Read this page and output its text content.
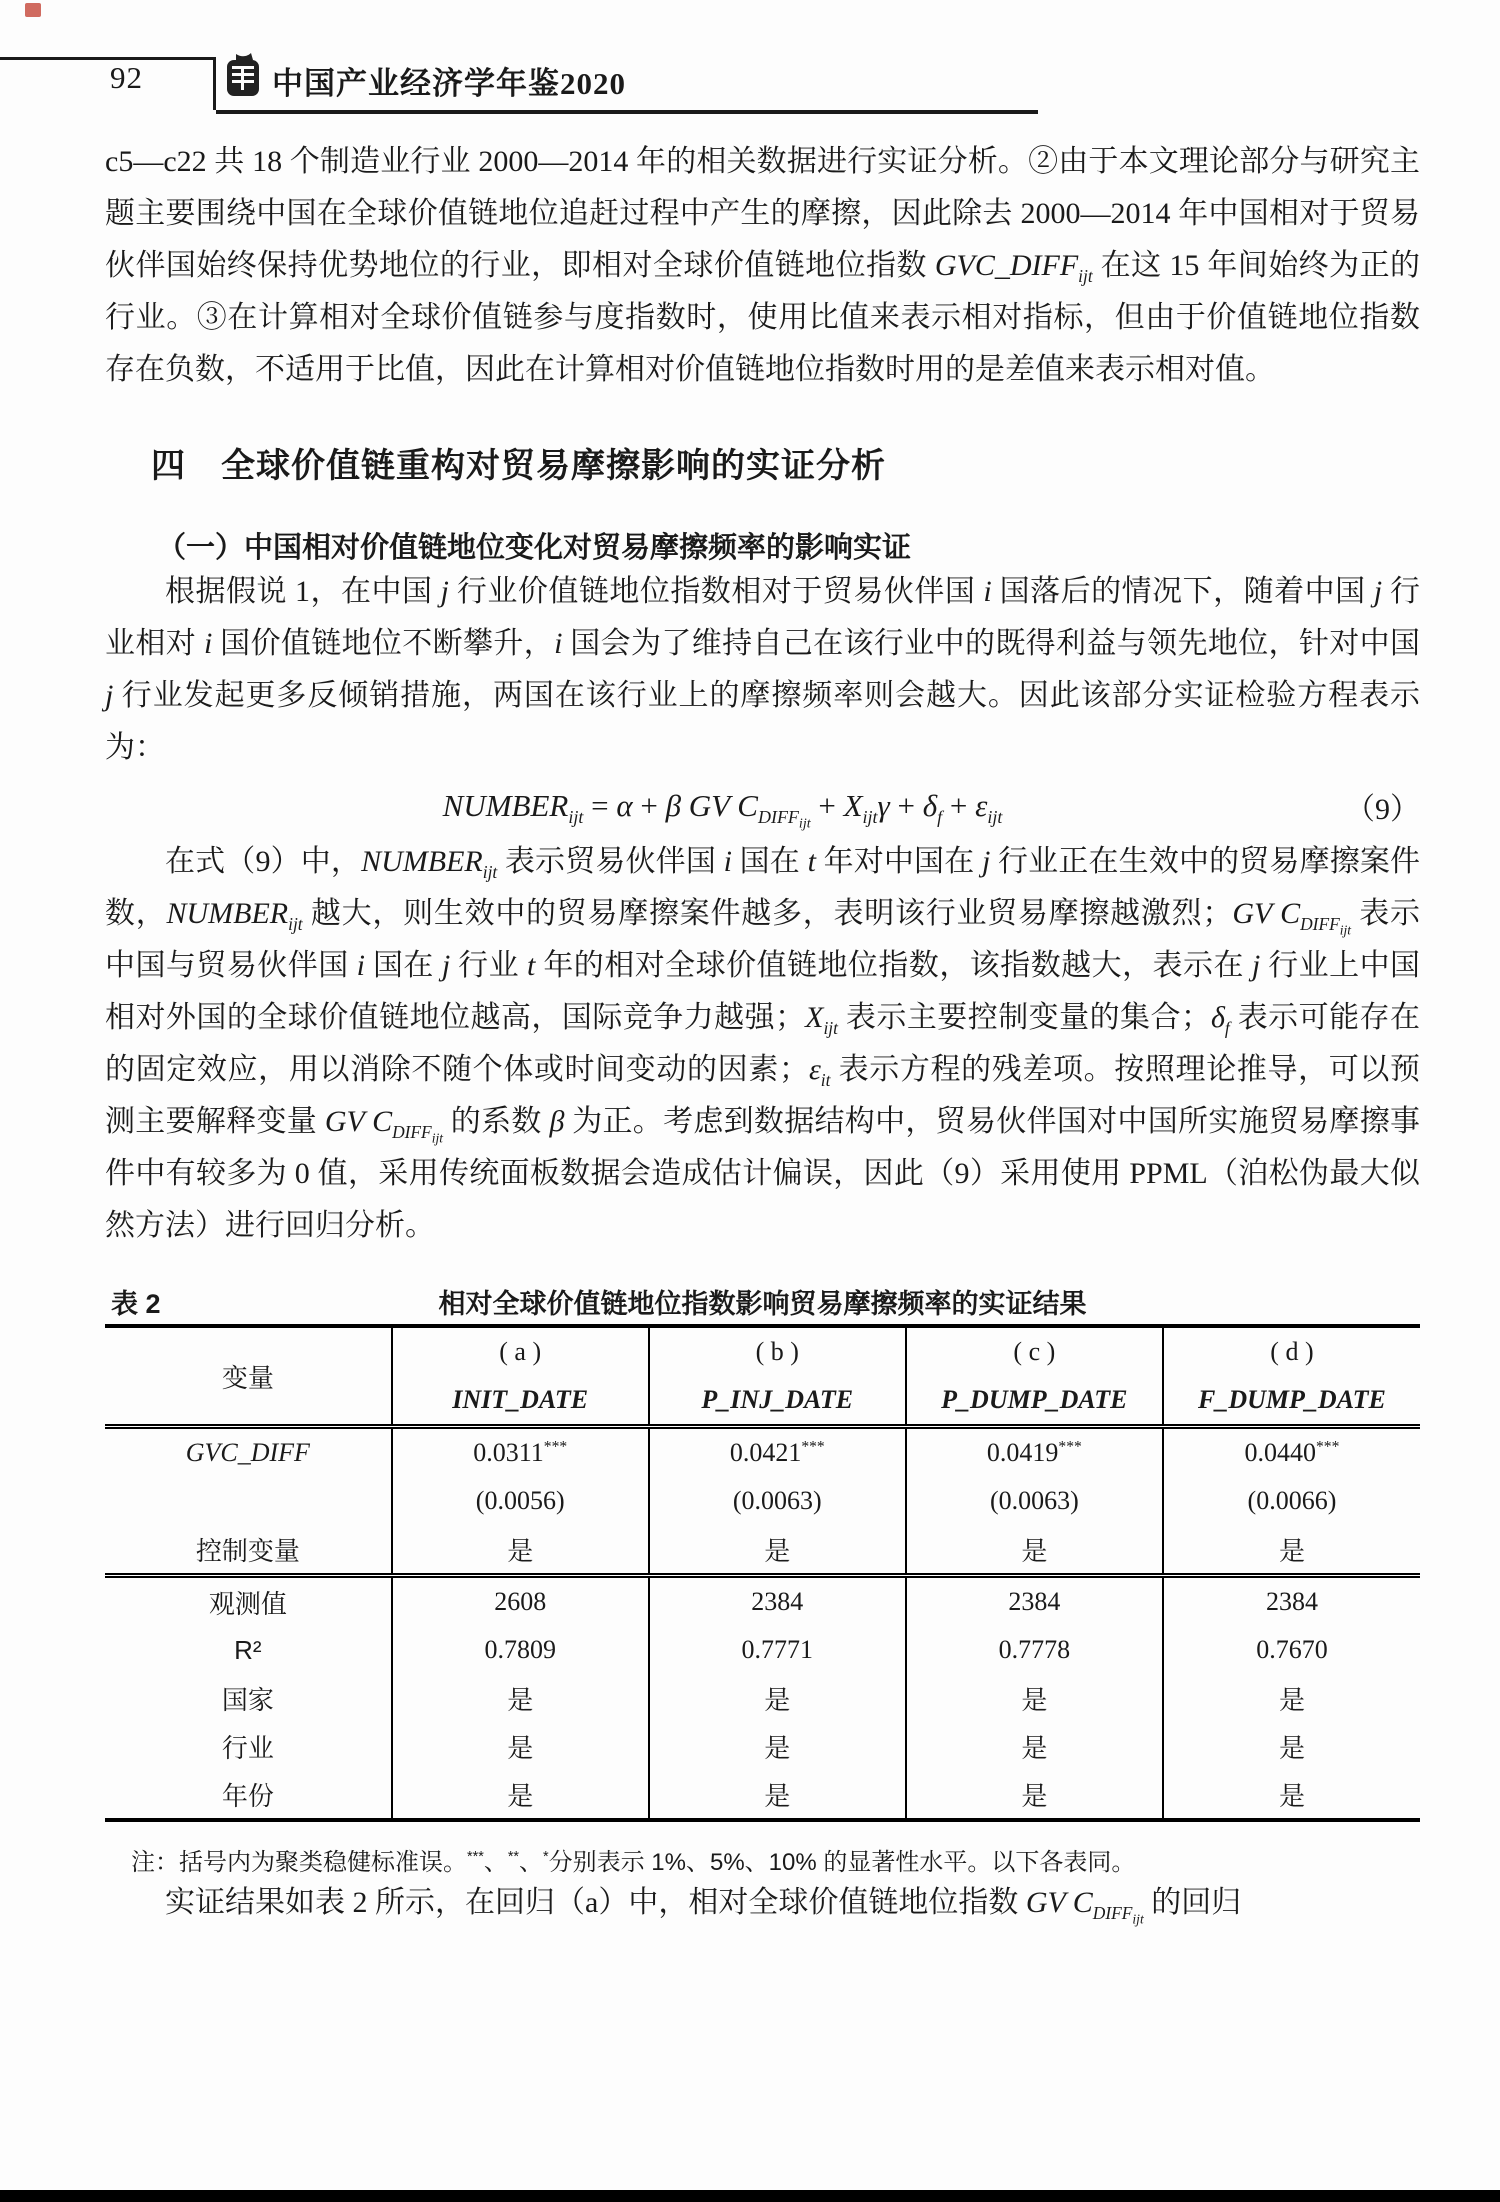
92	中国产业经济学年鉴2020

c5—c22 共 18 个制造业行业 2000—2014 年的相关数据进行实证分析。②由于本文理论部分与研究主题主要围绕中国在全球价值链地位追赶过程中产生的摩擦，因此除去 2000—2014 年中国相对于贸易伙伴国始终保持优势地位的行业，即相对全球价值链地位指数 $GVC\_DIFF_{ijt}$ 在这 15 年间始终为正的行业。③在计算相对全球价值链参与度指数时，使用比值来表示相对指标，但由于价值链地位指数存在负数，不适用于比值，因此在计算相对价值链地位指数时用的是差值来表示相对值。

四　全球价值链重构对贸易摩擦影响的实证分析
（一）中国相对价值链地位变化对贸易摩擦频率的影响实证

根据假说 1，在中国 j 行业价值链地位指数相对于贸易伙伴国 i 国落后的情况下，随着中国 j 行业相对 i 国价值链地位不断攀升，i 国会为了维持自己在该行业中的既得利益与领先地位，针对中国 j 行业发起更多反倾销措施，两国在该行业上的摩擦频率则会越大。因此该部分实证检验方程表示为：

$NUMBER_{ijt} = \alpha + \beta$ GV $C_{DIFF_{ijt}} + X_{ijt}\gamma + \delta_f + \varepsilon_{ijt}$	（9）

在式（9）中，$NUMBER_{ijt}$ 表示贸易伙伴国 i 国在 t 年对中国在 j 行业正在生效中的贸易摩擦案件数，$NUMBER_{ijt}$ 越大，则生效中的贸易摩擦案件越多，表明该行业贸易摩擦越激烈；GV $C_{DIFF_{ijt}}$ 表示中国与贸易伙伴国 i 国在 j 行业 t 年的相对全球价值链地位指数，该指数越大，表示在 j 行业上中国相对外国的全球价值链地位越高，国际竞争力越强；$X_{ijt}$ 表示主要控制变量的集合；$\delta_f$ 表示可能存在的固定效应，用以消除不随个体或时间变动的因素；$\varepsilon_{it}$ 表示方程的残差项。按照理论推导，可以预测主要解释变量 GV $C_{DIFF_{ijt}}$ 的系数 β 为正。考虑到数据结构中，贸易伙伴国对中国所实施贸易摩擦事件中有较多为 0 值，采用传统面板数据会造成估计偏误，因此（9）采用使用 PPML（泊松伪最大似然方法）进行回归分析。

表 2	相对全球价值链地位指数影响贸易摩擦频率的实证结果
变量	( a )	( b )	( c )	( d )
	INIT_DATE	P_INJ_DATE	P_DUMP_DATE	F_DUMP_DATE
GVC_DIFF	0.0311***	0.0421***	0.0419***	0.0440***
	(0.0056)	(0.0063)	(0.0063)	(0.0066)
控制变量	是	是	是	是
观测值	2608	2384	2384	2384
R²	0.7809	0.7771	0.7778	0.7670
国家	是	是	是	是
行业	是	是	是	是
年份	是	是	是	是
注：括号内为聚类稳健标准误。***、**、*分别表示 1%、5%、10% 的显著性水平。以下各表同。

实证结果如表 2 所示，在回归（a）中，相对全球价值链地位指数 GV $C_{DIFF_{ijt}}$ 的回归
